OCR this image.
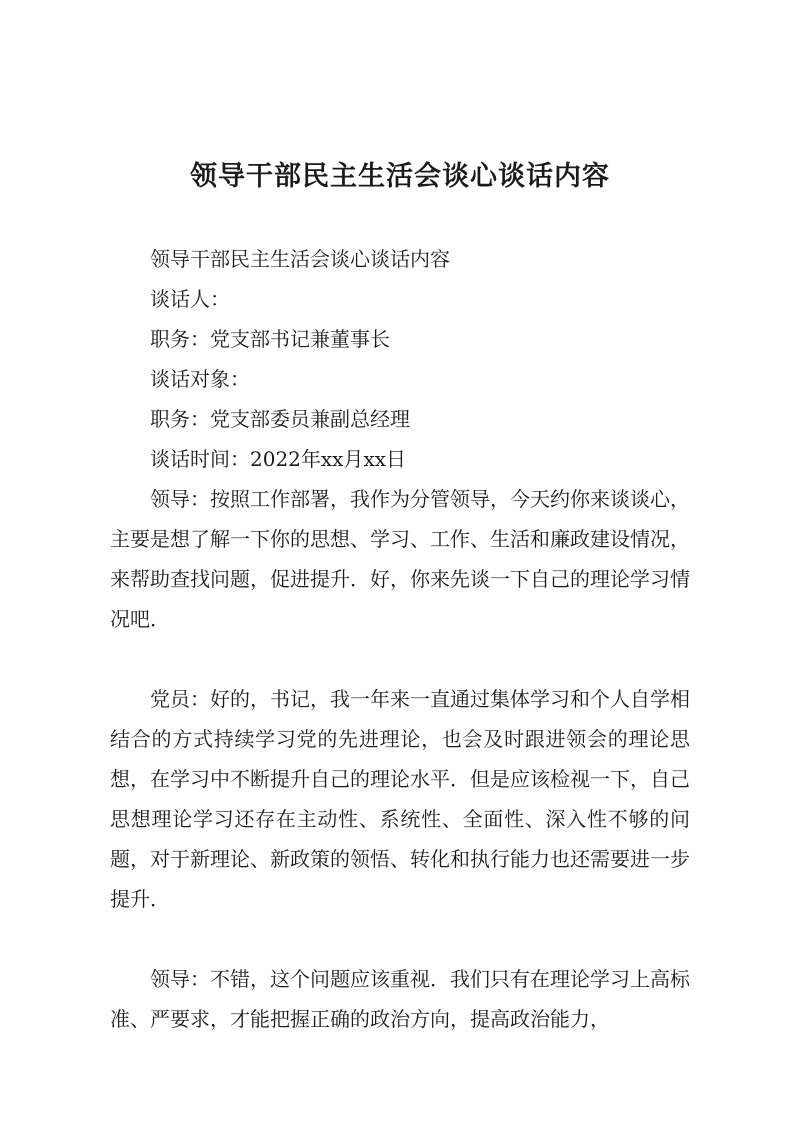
领导干部民主生活会谈心谈话内容

领导干部民主生活会谈心谈话内容

谈话人：

职务：党支部书记兼董事长

谈话对象：

职务：党支部委员兼副总经理

谈话时间：2022年xx月xx日

领导：按照工作部署，我作为分管领导，今天约你来谈谈心，主要是想了解一下你的思想、学习、工作、生活和廉政建设情况，来帮助查找问题，促进提升．好，你来先谈一下自己的理论学习情况吧．

党员：好的，书记，我一年来一直通过集体学习和个人自学相结合的方式持续学习党的先进理论，也会及时跟进领会的理论思想，在学习中不断提升自己的理论水平．但是应该检视一下，自己思想理论学习还存在主动性、系统性、全面性、深入性不够的问题，对于新理论、新政策的领悟、转化和执行能力也还需要进一步提升．

领导：不错，这个问题应该重视．我们只有在理论学习上高标准、严要求，才能把握正确的政治方向，提高政治能力，
